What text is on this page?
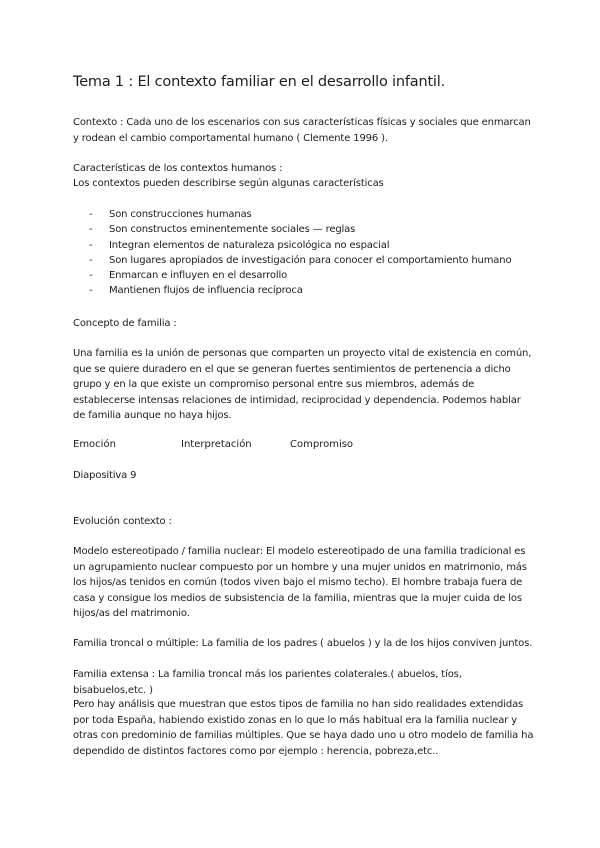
Tema 1 : El contexto familiar en el desarrollo infantil.

Contexto : Cada uno de los escenarios con sus características físicas y sociales que enmarcan y rodean el cambio comportamental humano ( Clemente 1996 ).

Características de los contextos humanos :

Los contextos pueden describirse según algunas características

- Son construcciones humanas
- Son constructos eminentemente sociales — reglas
- Integran elementos de naturaleza psicológica no espacial
- Son lugares apropiados de investigación para conocer el comportamiento humano
- Enmarcan e influyen en el desarrollo
- Mantienen flujos de influencia recíproca

Concepto de familia :

Una familia es la unión de personas que comparten un proyecto vital de existencia en común, que se quiere duradero en el que se generan fuertes sentimientos de pertenencia a dicho grupo y en la que existe un compromiso personal entre sus miembros, además de establecerse intensas relaciones de intimidad, reciprocidad y dependencia. Podemos hablar de familia aunque no haya hijos.

Emoción	Interpretación	Compromiso

Diapositiva 9

Evolución contexto :

Modelo estereotipado / familia nuclear: El modelo estereotipado de una familia tradicional es un agrupamiento nuclear compuesto por un hombre y una mujer unidos en matrimonio, más los hijos/as tenidos en común (todos viven bajo el mismo techo). El hombre trabaja fuera de casa y consigue los medios de subsistencia de la familia, mientras que la mujer cuida de los hijos/as del matrimonio.

Familia troncal o múltiple: La familia de los padres ( abuelos ) y la de los hijos conviven juntos.

Familia extensa : La familia troncal más los parientes colaterales.( abuelos, tíos, bisabuelos,etc. )

Pero hay análisis que muestran que estos tipos de familia no han sido realidades extendidas por toda España, habiendo existido zonas en lo que lo más habitual era la familia nuclear y otras con predominio de familias múltiples. Que se haya dado uno u otro modelo de familia ha dependido de distintos factores como por ejemplo : herencia, pobreza,etc..
